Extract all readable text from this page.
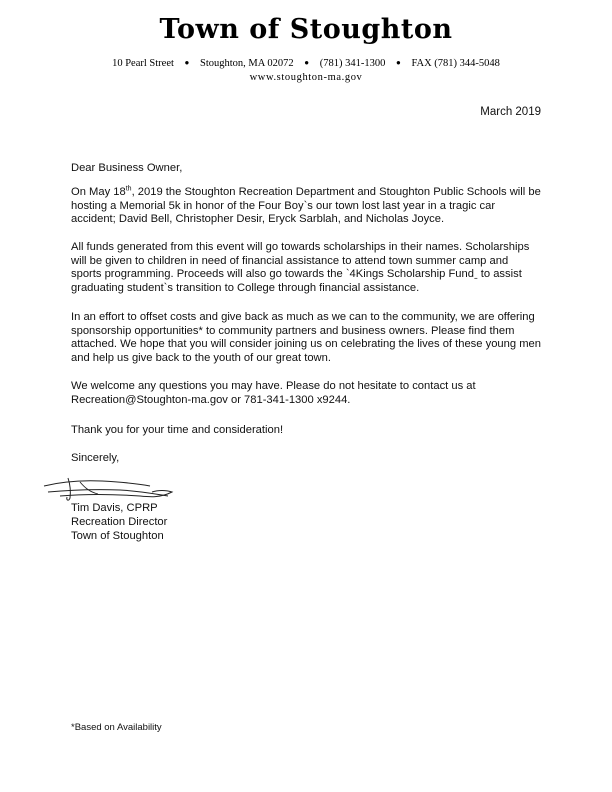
Town of Stoughton
10 Pearl Street ● Stoughton, MA 02072 ● (781) 341-1300 ● FAX (781) 344-5048
www.stoughton-ma.gov
March 2019

Dear Business Owner,

On May 18th, 2019 the Stoughton Recreation Department and Stoughton Public Schools will be hosting a Memorial 5k in honor of the Four Boy`s our town lost last year in a tragic car accident; David Bell, Christopher Desir, Eryck Sarblah, and Nicholas Joyce.

All funds generated from this event will go towards scholarships in their names. Scholarships will be given to children in need of financial assistance to attend town summer camp and sports programming. Proceeds will also go towards the `4Kings Scholarship Fundˍ to assist graduating student`s transition to College through financial assistance.

In an effort to offset costs and give back as much as we can to the community, we are offering sponsorship opportunities* to community partners and business owners. Please find them attached. We hope that you will consider joining us on celebrating the lives of these young men and help us give back to the youth of our great town.

We welcome any questions you may have. Please do not hesitate to contact us at

Recreation@Stoughton-ma.gov or 781-341-1300 x9244.

Thank you for your time and consideration!

Sincerely,

Tim Davis, CPRP
Recreation Director
Town of Stoughton
*Based on Availability
